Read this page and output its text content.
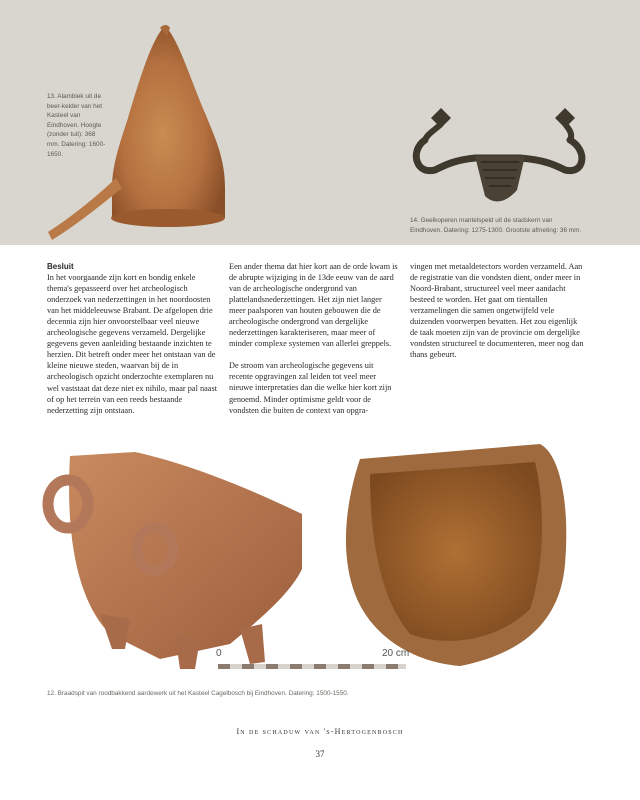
13. Alambiek uit de beer-kelder van het Kasteel van Eindhoven. Hoogte (zonder tuit): 368 mm. Datering: 1600-1650.
14. Geelkoperen mantelspeld uit de stadskern van Eindhoven. Datering: 1275-1300. Grootste afmeting: 36 mm.

Besluit

In het voorgaande zijn kort en bondig enkele thema's gepasseerd over het archeologisch onderzoek van nederzettingen in het noordoosten van het middeleeuwse Brabant. De afgelopen drie decennia zijn hier onvoorstelbaar veel nieuwe archeologische gegevens verzameld. Dergelijke gegevens geven aanleiding bestaande inzichten te herzien. Dit betreft onder meer het ontstaan van de kleine nieuwe steden, waarvan bij de in archeologisch opzicht onderzochte exemplaren nu wel vaststaat dat deze niet ex nihilo, maar pal naast of op het terrein van een reeds bestaande nederzetting zijn ontstaan.

Een ander thema dat hier kort aan de orde kwam is de abrupte wijziging in de 13de eeuw van de aard van de archeologische ondergrond van plattelandsnederzettingen. Het zijn niet langer meer paalsporen van houten gebouwen die de archeologische ondergrond van dergelijke nederzettingen karakteriseren, maar meer of minder complexe systemen van allerlei greppels.

De stroom van archeologische gegevens uit recente opgravingen zal leiden tot veel meer nieuwe interpretaties dan die welke hier kort zijn genoemd. Minder optimisme geldt voor de vondsten die buiten de context van opgra-

vingen met metaaldetectors worden verzameld. Aan de registratie van die vondsten dient, onder meer in Noord-Brabant, structureel veel meer aandacht besteed te worden. Het gaat om tientallen verzamelingen die samen ongetwijfeld vele duizenden voorwerpen bevatten. Het zou eigenlijk de taak moeten zijn van de provincie om dergelijke vondsten structureel te documenteren, meer nog dan thans gebeurt.

0	20 cm
12. Braadspit van roodbakkend aardewerk uit het Kasteel Cagelbosch bij Eindhoven. Datering: 1500-1550.
In de schaduw van 's-Hertogenbosch
37
